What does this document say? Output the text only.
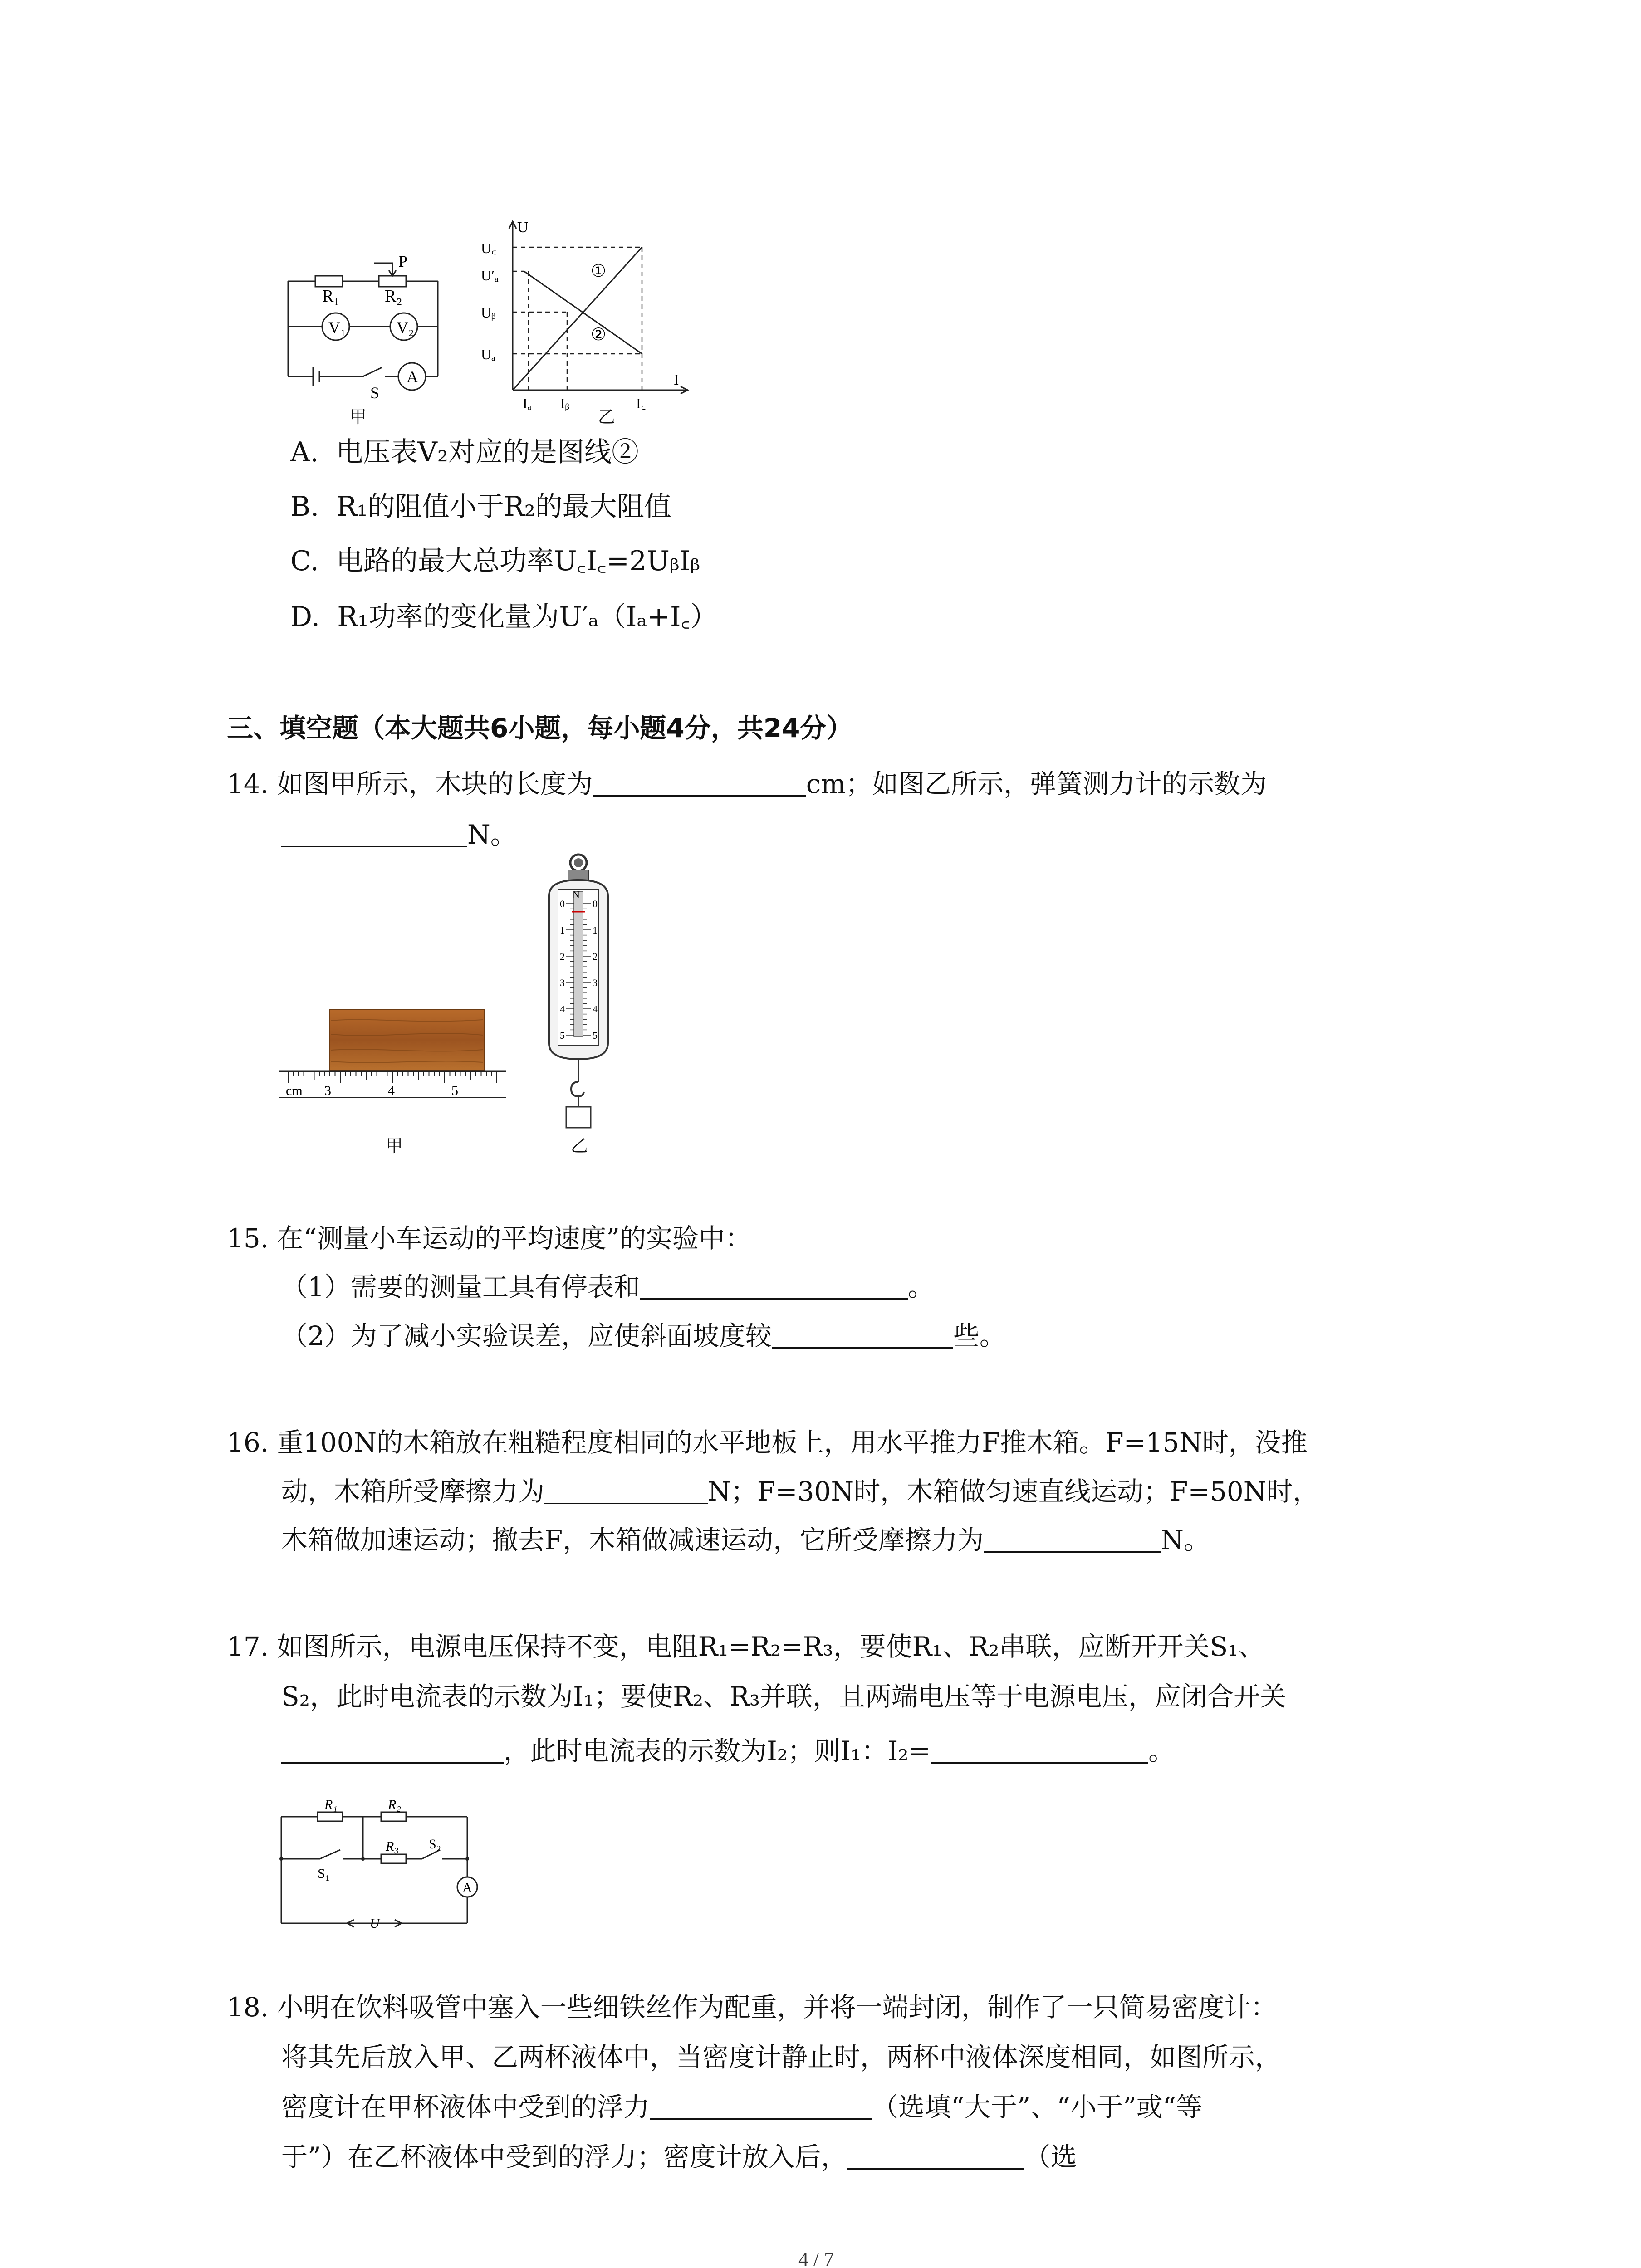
R₁	R₂
P
V₁	V₂
S
A
甲
U
I
U꜀
U′ₐ
Uᵦ
Uₐ
Iₐ Iᵦ	I꜀
①
②
乙
A. 电压表V₂对应的是图线②
B. R₁的阻值小于R₂的最大阻值
C. 电路的最大总功率U꜀I꜀=2UᵦIᵦ
D. R₁功率的变化量为U′ₐ（Iₐ+I꜀）
三、填空题（本大题共6小题，每小题4分，共24分）
14. 如图甲所示，木块的长度为	cm；如图乙所示，弹簧测力计的示数为
N。
cm 3	4	5
甲
N
0	0
1	1
2	2
3	3
4	4
5	5
乙
15. 在“测量小车运动的平均速度”的实验中：
（1）需要的测量工具有停表和	。
（2）为了减小实验误差，应使斜面坡度较	些。
16. 重100N的木箱放在粗糙程度相同的水平地板上，用水平推力F推木箱。F=15N时，没推
动，木箱所受摩擦力为	N；F=30N时，木箱做匀速直线运动；F=50N时，
木箱做加速运动；撤去F，木箱做减速运动，它所受摩擦力为	N。
17. 如图所示，电源电压保持不变，电阻R₁=R₂=R₃，要使R₁、R₂串联，应断开开关S₁、
S₂，此时电流表的示数为I₁；要使R₂、R₃并联，且两端电压等于电源电压，应闭合开关
，此时电流表的示数为I₂；则I₁：I₂=	。
R₁	R₂
R₃
S₁
S₂
A
U
18. 小明在饮料吸管中塞入一些细铁丝作为配重，并将一端封闭，制作了一只简易密度计：
将其先后放入甲、乙两杯液体中，当密度计静止时，两杯中液体深度相同，如图所示，
密度计在甲杯液体中受到的浮力	（选填“大于”、“小于”或“等
于”）在乙杯液体中受到的浮力；密度计放入后，	（选
4 / 7
